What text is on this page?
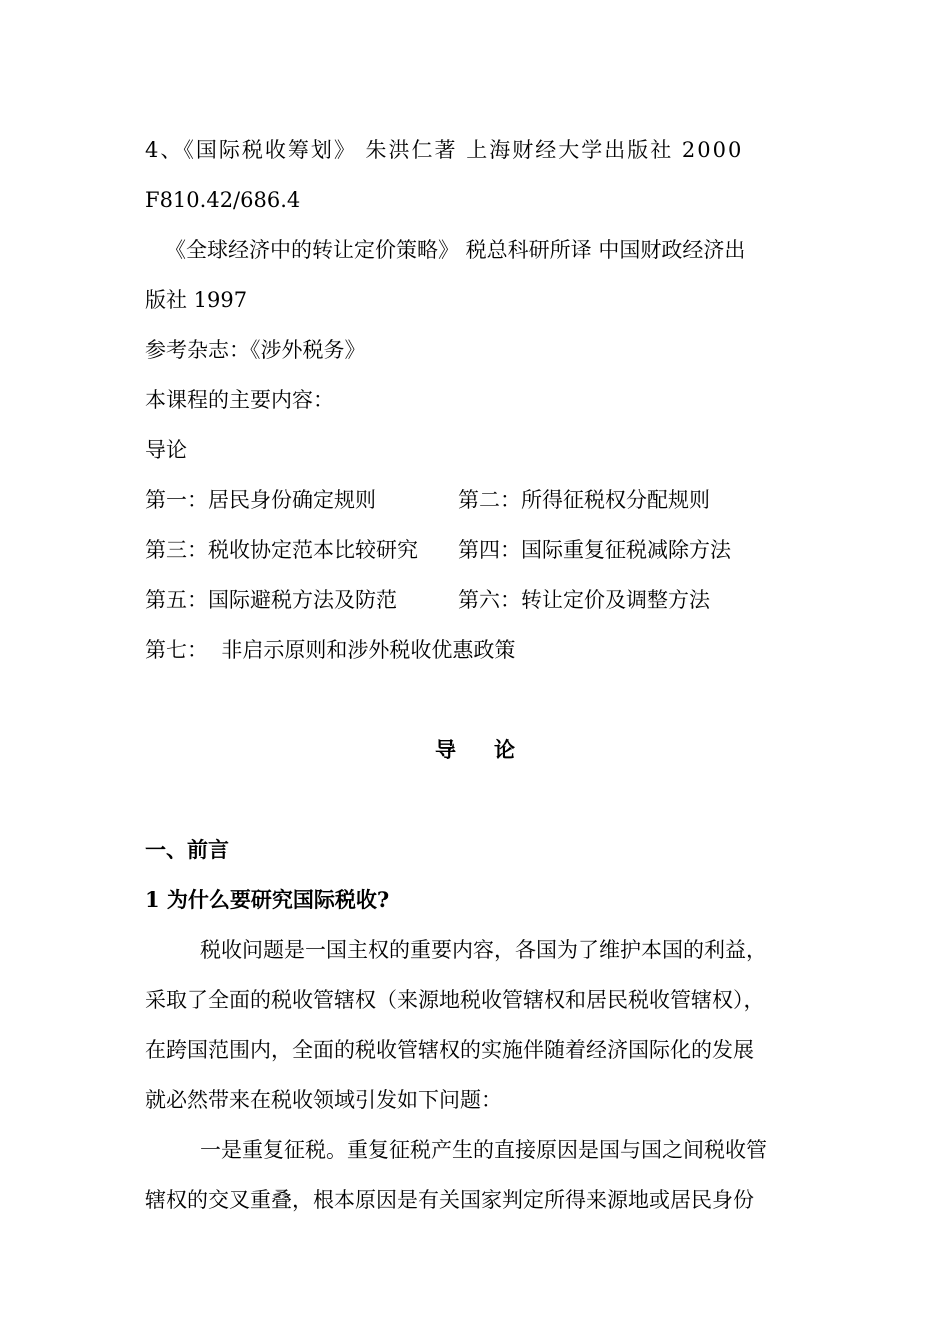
4、《国际税收筹划》 朱洪仁著 上海财经大学出版社 2000
F810.42/686.4
《全球经济中的转让定价策略》 税总科研所译 中国财政经济出
版社 1997
参考杂志：《涉外税务》
本课程的主要内容：
导论
第一：居民身份确定规则	第二：所得征税权分配规则
第三：税收协定范本比较研究 第四：国际重复征税减除方法
第五：国际避税方法及防范	第六：转让定价及调整方法
第七：  非启示原则和涉外税收优惠政策
导 论
一、前言
1 为什么要研究国际税收?
税收问题是一国主权的重要内容，各国为了维护本国的利益，
采取了全面的税收管辖权（来源地税收管辖权和居民税收管辖权），
在跨国范围内，全面的税收管辖权的实施伴随着经济国际化的发展
就必然带来在税收领域引发如下问题：
一是重复征税。重复征税产生的直接原因是国与国之间税收管
辖权的交叉重叠，根本原因是有关国家判定所得来源地或居民身份
